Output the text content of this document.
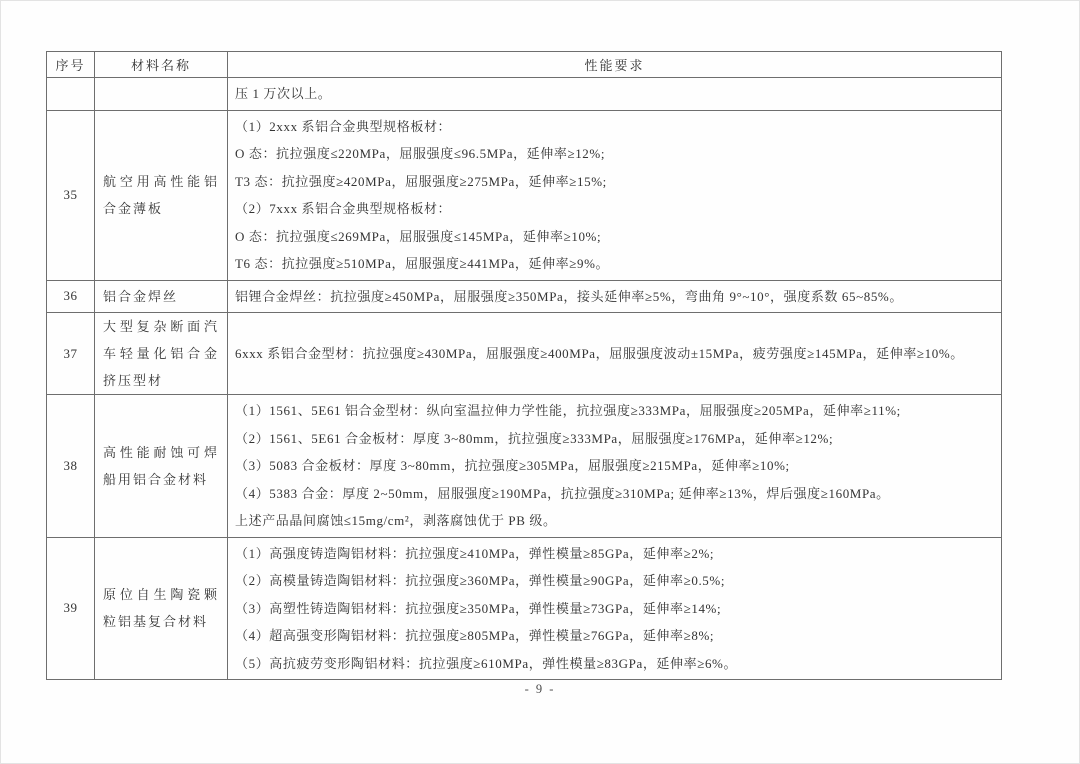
序号	材料名称	性能要求

		压 1 万次以上。

35	航空用高性能铝合金薄板	
（1）2xxx 系铝合金典型规格板材：
O 态：抗拉强度≤220MPa，屈服强度≤96.5MPa，延伸率≥12%;
T3 态：抗拉强度≥420MPa，屈服强度≥275MPa，延伸率≥15%;
（2）7xxx 系铝合金典型规格板材：
O 态：抗拉强度≤269MPa，屈服强度≤145MPa，延伸率≥10%;
T6 态：抗拉强度≥510MPa，屈服强度≥441MPa，延伸率≥9%。

36	铝合金焊丝	铝锂合金焊丝：抗拉强度≥450MPa，屈服强度≥350MPa，接头延伸率≥5%，弯曲角 9°~10°，强度系数 65~85%。

37	大型复杂断面汽车轻量化铝合金挤压型材	6xxx 系铝合金型材：抗拉强度≥430MPa，屈服强度≥400MPa，屈服强度波动±15MPa，疲劳强度≥145MPa，延伸率≥10%。

38	高性能耐蚀可焊船用铝合金材料	（1）1561、5E61 铝合金型材：纵向室温拉伸力学性能，抗拉强度≥333MPa，屈服强度≥205MPa，延伸率≥11%;
（2）1561、5E61 合金板材：厚度 3~80mm，抗拉强度≥333MPa，屈服强度≥176MPa，延伸率≥12%;
（3）5083 合金板材：厚度 3~80mm，抗拉强度≥305MPa，屈服强度≥215MPa，延伸率≥10%;
（4）5383 合金：厚度 2~50mm，屈服强度≥190MPa，抗拉强度≥310MPa; 延伸率≥13%，焊后强度≥160MPa。
上述产品晶间腐蚀≤15mg/cm²，剥落腐蚀优于 PB 级。

39	原位自生陶瓷颗粒铝基复合材料	（1）高强度铸造陶铝材料：抗拉强度≥410MPa，弹性模量≥85GPa，延伸率≥2%;
（2）高模量铸造陶铝材料：抗拉强度≥360MPa，弹性模量≥90GPa，延伸率≥0.5%;
（3）高塑性铸造陶铝材料：抗拉强度≥350MPa，弹性模量≥73GPa，延伸率≥14%;
（4）超高强变形陶铝材料：抗拉强度≥805MPa，弹性模量≥76GPa，延伸率≥8%;
（5）高抗疲劳变形陶铝材料：抗拉强度≥610MPa，弹性模量≥83GPa，延伸率≥6%。
- 9 -
